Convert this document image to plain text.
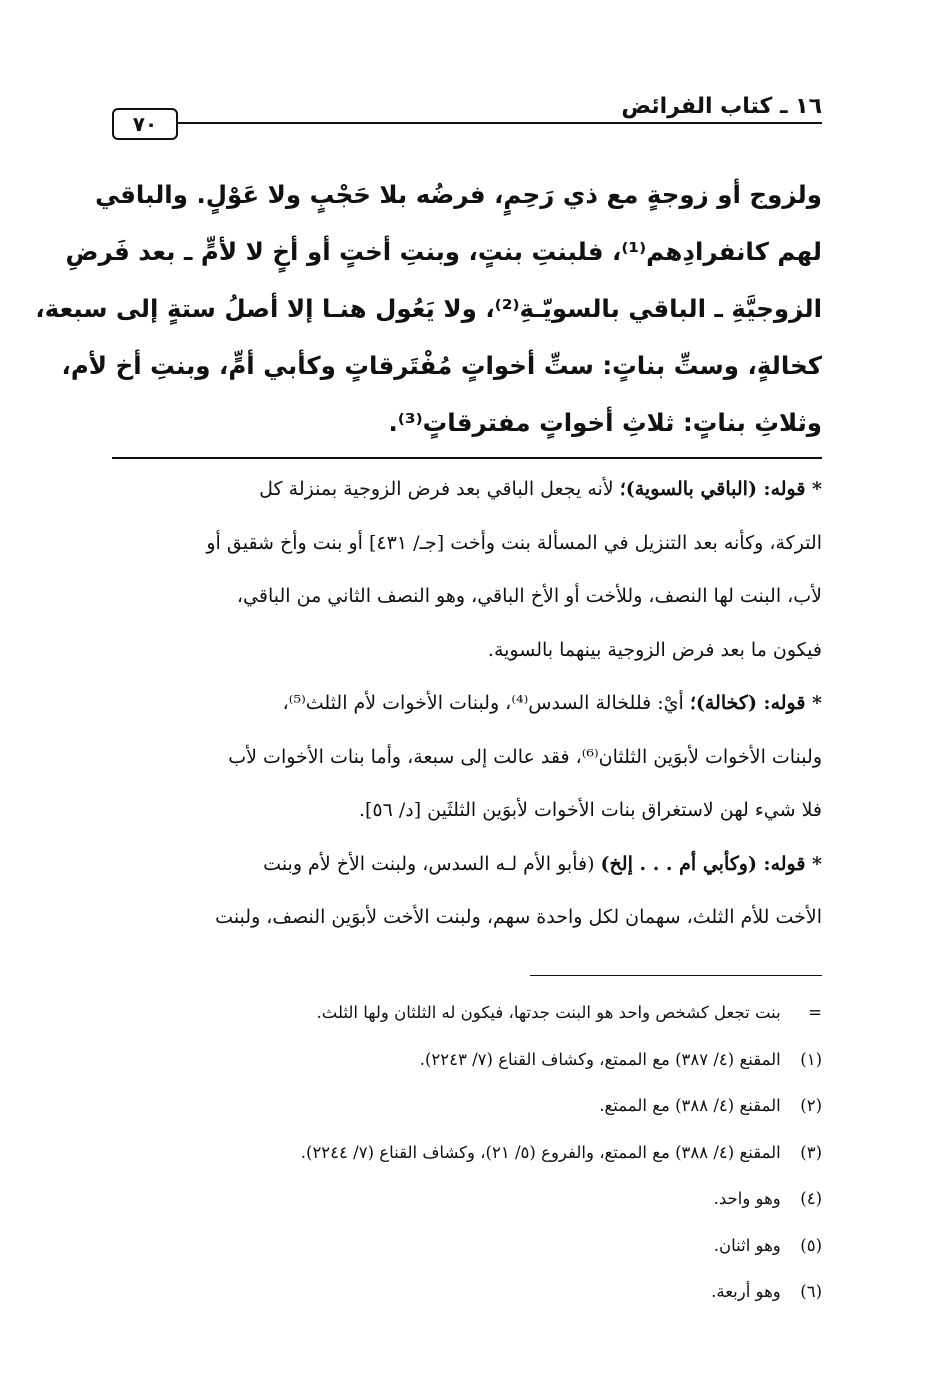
١٦ ـ كتاب الفرائض
٧٠
ولزوج أو زوجةٍ مع ذي رَحِمٍ، فرضُه بلا حَجْبٍ ولا عَوْلٍ. والباقي
لهم كانفرادِهم⁽¹⁾، فلبنتِ بنتٍ، وبنتِ أختٍ أو أخٍ لا لأمٍّ ـ بعد فَرضِ
الزوجيَّةِ ـ الباقي بالسويّـةِ⁽²⁾، ولا يَعُول هنـا إلا أصلُ ستةٍ إلى سبعة،
كخالةٍ، وستِّ بناتٍ: ستِّ أخواتٍ مُفْتَرقاتٍ وكأبي أمٍّ، وبنتِ أخ لأم،
وثلاثِ بناتٍ: ثلاثِ أخواتٍ مفترقاتٍ⁽³⁾.
* قوله: (الباقي بالسوية)؛ لأنه يجعل الباقي بعد فرض الزوجية بمنزلة كل
التركة، وكأنه بعد التنزيل في المسألة بنت وأخت [جـ/ ٤٣١] أو بنت وأخ شقيق أو
لأب، البنت لها النصف، وللأخت أو الأخ الباقي، وهو النصف الثاني من الباقي،
فيكون ما بعد فرض الزوجية بينهما بالسوية.
* قوله: (كخالة)؛ أيْ: فللخالة السدس⁽⁴⁾، ولبنات الأخوات لأم الثلث⁽⁵⁾،
ولبنات الأخوات لأبوَين الثلثان⁽⁶⁾، فقد عالت إلى سبعة، وأما بنات الأخوات لأب
فلا شيء لهن لاستغراق بنات الأخوات لأبوَين الثلثَين [د/ ٥٦].
* قوله: (وكأبي أم . . . إلخ) (فأبو الأم لـه السدس، ولبنت الأخ لأم وبنت
الأخت للأم الثلث، سهمان لكل واحدة سهم، ولبنت الأخت لأبوَين النصف، ولبنت
= بنت تجعل كشخص واحد هو البنت جدتها، فيكون له الثلثان ولها الثلث.
(١) المقنع (٤/ ٣٨٧) مع الممتع، وكشاف القناع (٧/ ٢٢٤٣).
(٢) المقنع (٤/ ٣٨٨) مع الممتع.
(٣) المقنع (٤/ ٣٨٨) مع الممتع، والفروع (٥/ ٢١)، وكشاف القناع (٧/ ٢٢٤٤).
(٤) وهو واحد.
(٥) وهو اثنان.
(٦) وهو أربعة.
